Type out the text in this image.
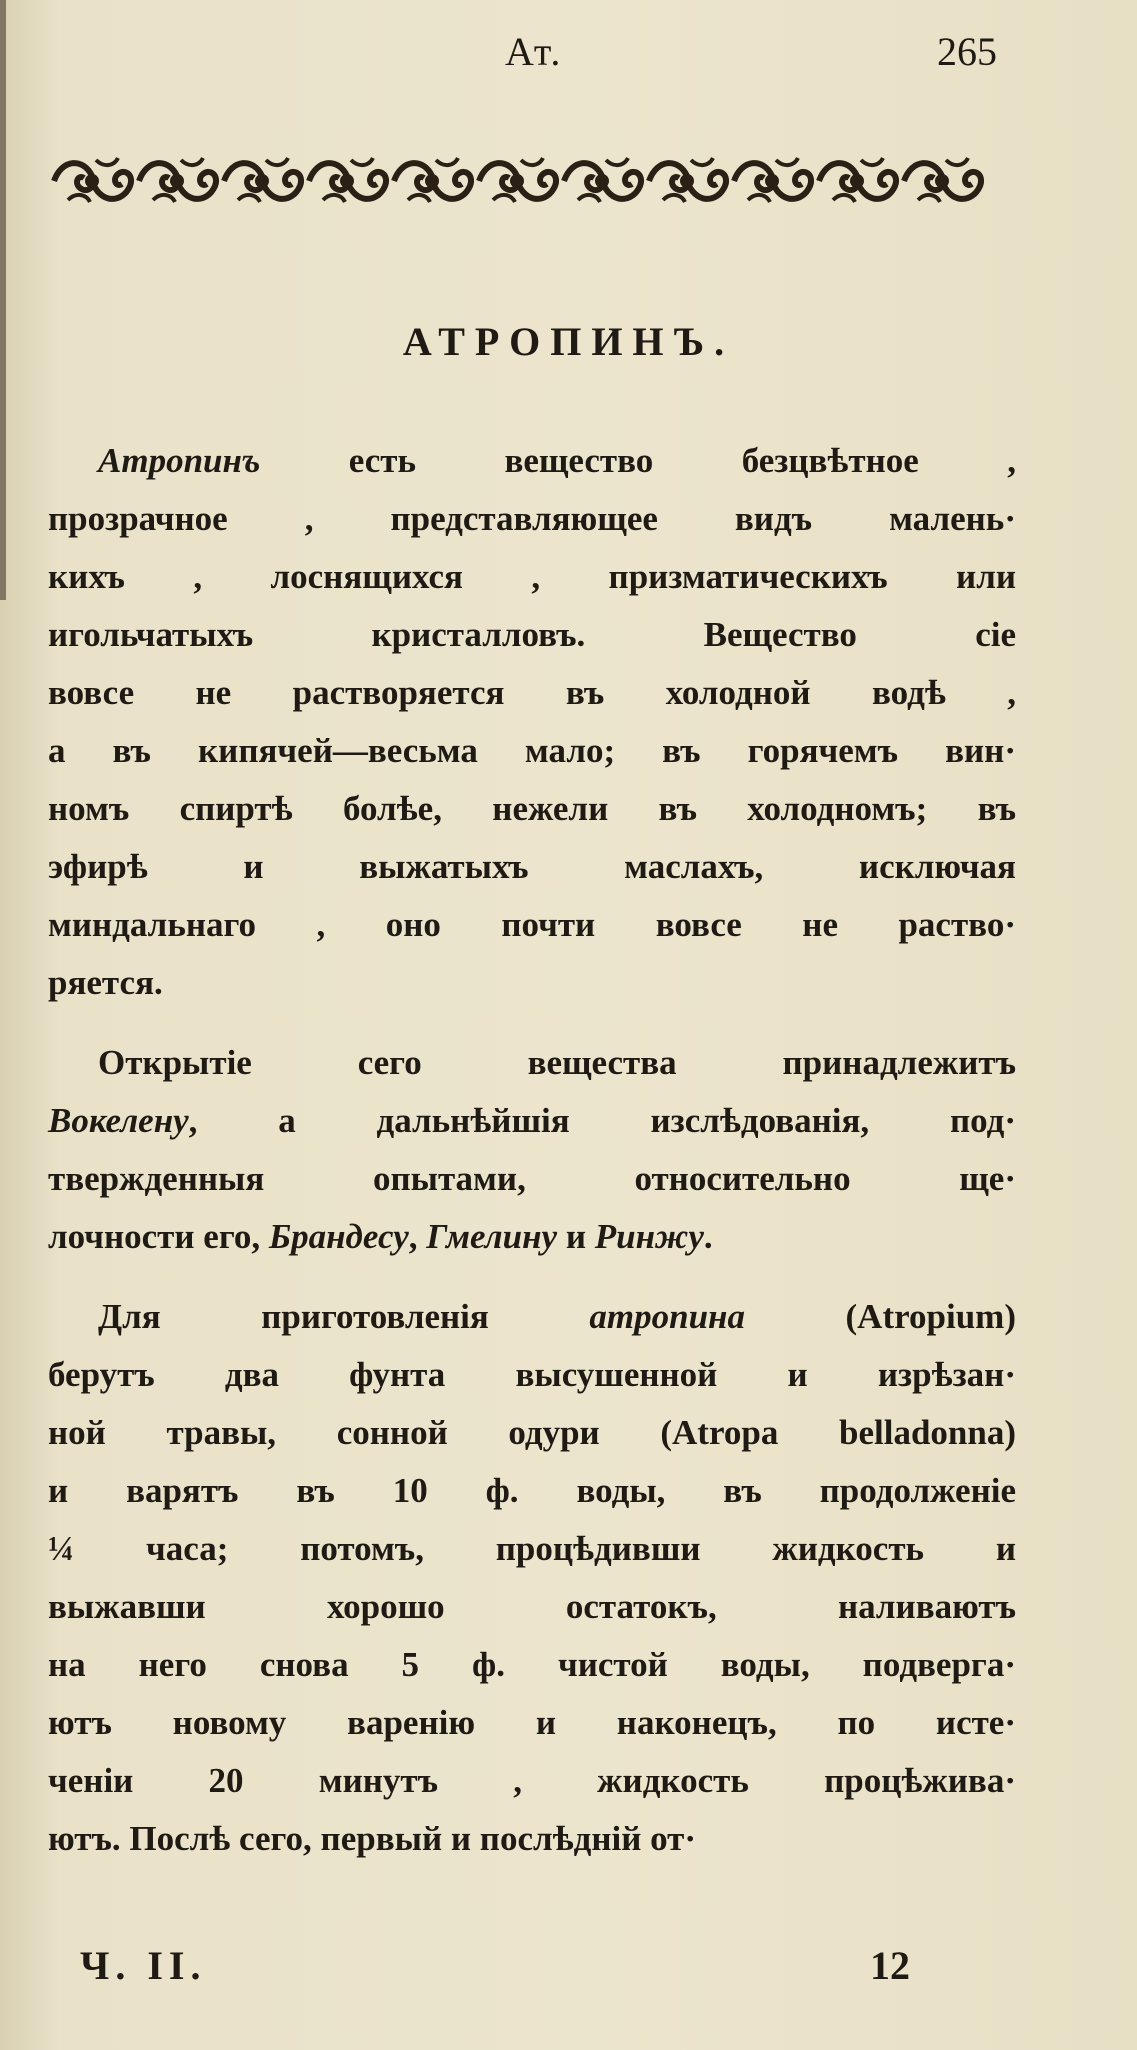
Ат.	265
АТРОПИНЪ.
Атропинъ есть вещество безцвѣтное ,
прозрачное , представляющее видъ малень·
кихъ , лоснящихся , призматическихъ или
игольчатыхъ кристалловъ. Вещество сіе
вовсе не растворяется въ холодной водѣ ,
а въ кипячей—весьма мало; въ горячемъ вин·
номъ спиртѣ болѣе, нежели въ холодномъ; въ
эфирѣ и выжатыхъ маслахъ, исключая
миндальнаго , оно почти вовсе не раство·
ряется.
Открытіе сего вещества принадлежитъ
Вокелену, а дальнѣйшія изслѣдованія, под·
твержденныя опытами, относительно ще·
лочности его, Брандесу, Гмелину и Ринжу.
Для приготовленія атропина (Atropium)
берутъ два фунта высушенной и изрѣзан·
ной травы, сонной одури (Atropa belladonna)
и варятъ въ 10 ф. воды, въ продолженіе
¼ часа; потомъ, процѣдивши жидкость и
выжавши хорошо остатокъ, наливаютъ
на него снова 5 ф. чистой воды, подверга·
ютъ новому варенію и наконецъ, по исте·
ченіи 20 минутъ , жидкость процѣжива·
ютъ. Послѣ сего, первый и послѣдній от·
Ч. II.	12
